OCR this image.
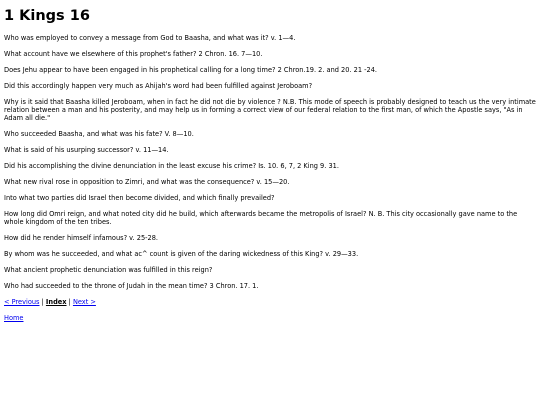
1 Kings 16

Who was employed to convey a message from God to Baasha, and what was it? v. 1—4.

What account have we elsewhere of this prophet's father? 2 Chron. 16. 7—10.

Does Jehu appear to have been engaged in his prophetical calling for a long time? 2 Chron.19. 2. and 20. 21 -24.

Did this accordingly happen very much as Ahijah's word had been fulfilled against Jeroboam?

Why is it said that Baasha killed Jeroboam, when in fact he did not die by violence ? N.B. This mode of speech is probably designed to teach us the very intimate relation between a man and his posterity, and may help us in forming a correct view of our federal relation to the first man, of which the Apostle says, "As in Adam all die."

Who succeeded Baasha, and what was his fate? V. 8—10.

What is said of his usurping successor? v. 11—14.

Did his accomplishing the divine denunciation in the least excuse his crime? Is. 10. 6, 7, 2 King 9. 31.

What new rival rose in opposition to Zimri, and what was the consequence? v. 15—20.

Into what two parties did Israel then become divided, and which finally prevailed?

How long did Omri reign, and what noted city did he build, which afterwards became the metropolis of Israel? N. B. This city occasionally gave name to the whole kingdom of the ten tribes.

How did he render himself infamous? v. 25-28.

By whom was he succeeded, and what ac^ count is given of the daring wickedness of this King? v. 29—33.

What ancient prophetic denunciation was fulfilled in this reign?

Who had succeeded to the throne of Judah in the mean time? 3 Chron. 17. 1.

< Previous | Index | Next >
Home
